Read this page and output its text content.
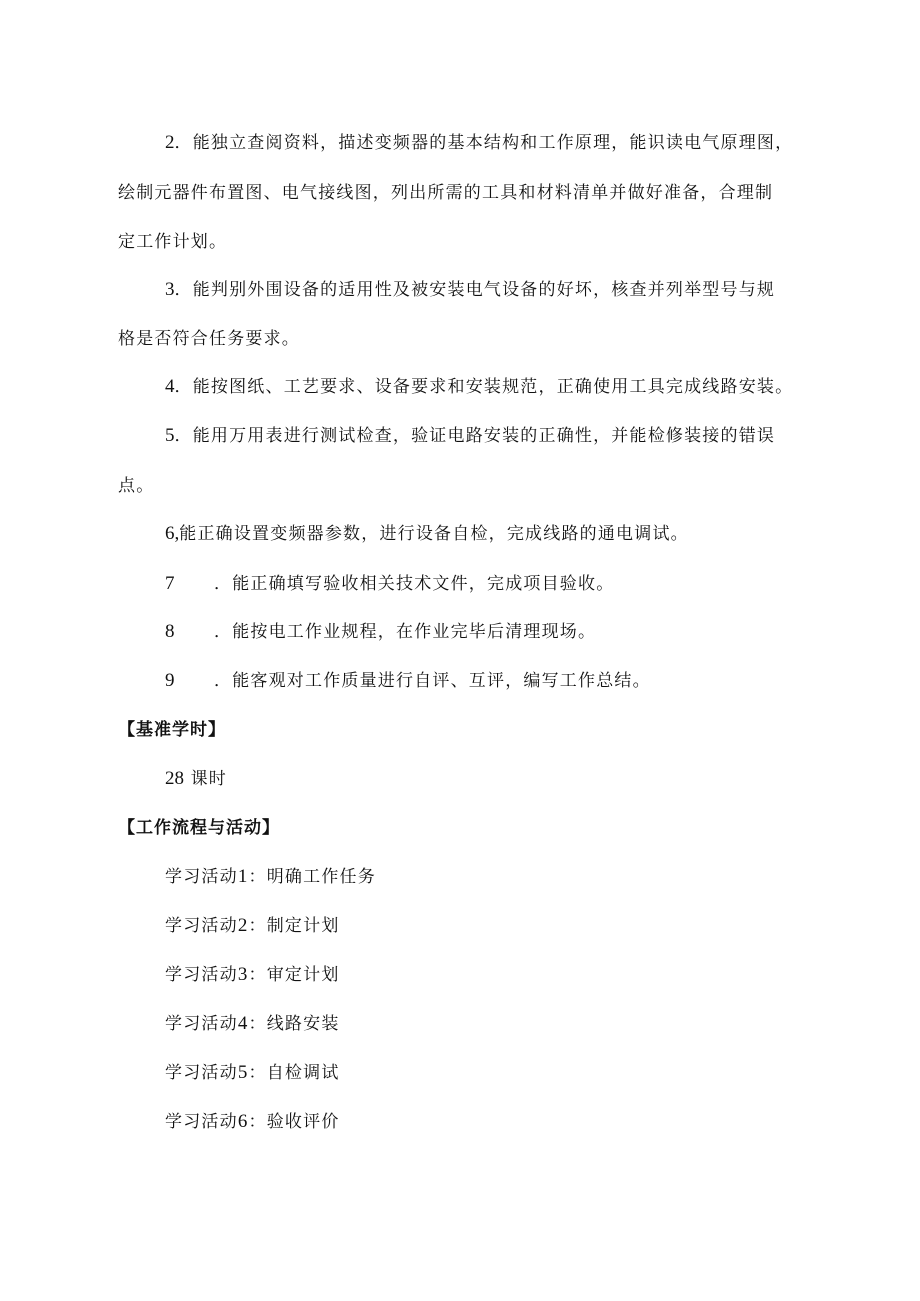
2．能独立查阅资料，描述变频器的基本结构和工作原理，能识读电气原理图，
绘制元器件布置图、电气接线图，列出所需的工具和材料清单并做好准备，合理制
定工作计划。
3．能判别外围设备的适用性及被安装电气设备的好坏，核查并列举型号与规
格是否符合任务要求。
4．能按图纸、工艺要求、设备要求和安装规范，正确使用工具完成线路安装。
5．能用万用表进行测试检查，验证电路安装的正确性，并能检修装接的错误
点。
6,能正确设置变频器参数，进行设备自检，完成线路的通电调试。
7 ．能正确填写验收相关技术文件，完成项目验收。
8 ．能按电工作业规程，在作业完毕后清理现场。
9 ．能客观对工作质量进行自评、互评，编写工作总结。
【基准学时】
28 课时
【工作流程与活动】
学习活动1：明确工作任务
学习活动2：制定计划
学习活动3：审定计划
学习活动4：线路安装
学习活动5：自检调试
学习活动6：验收评价
